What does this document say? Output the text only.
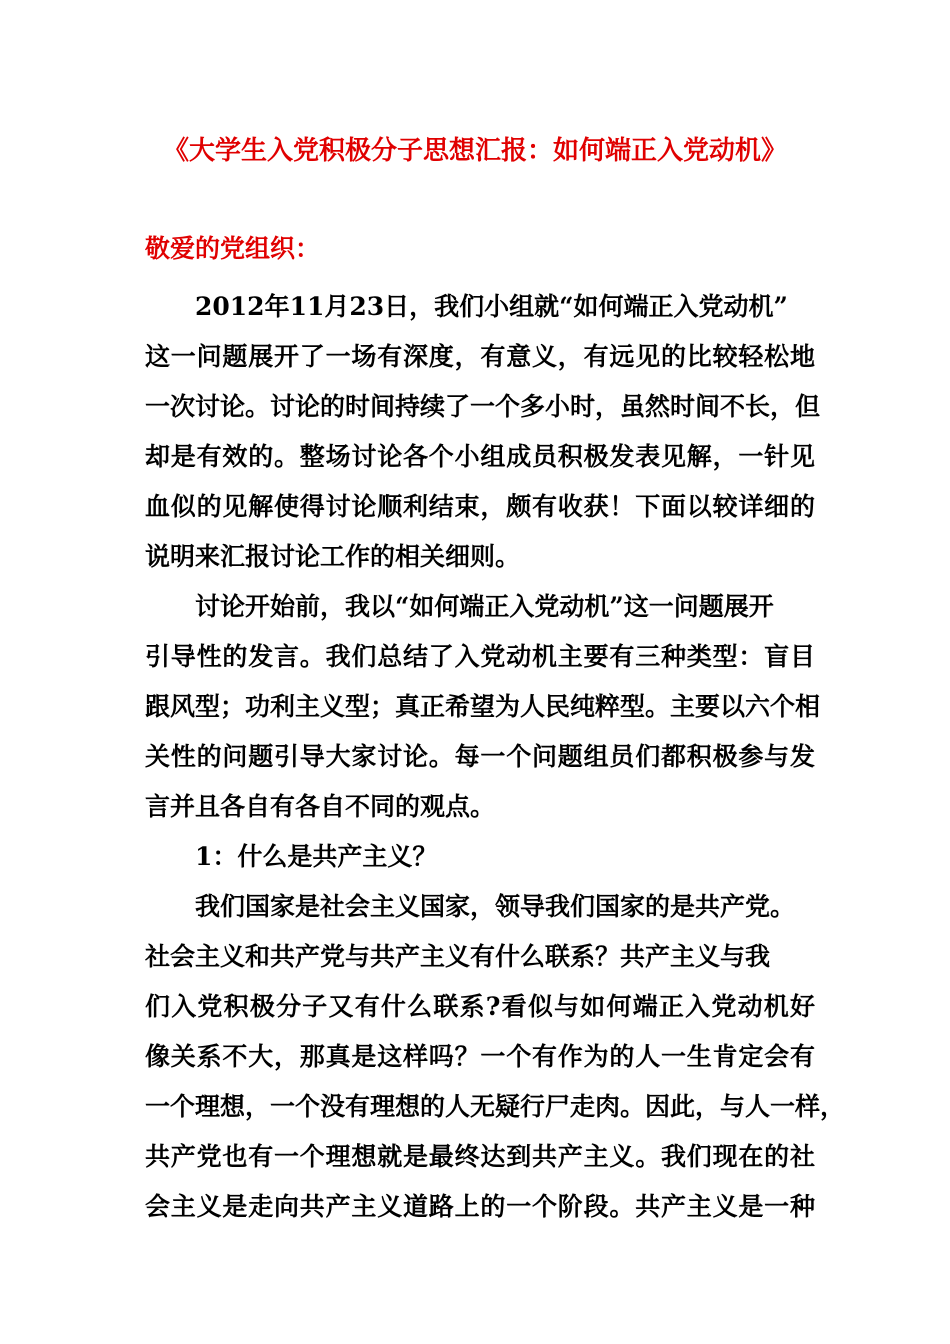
《大学生入党积极分子思想汇报：如何端正入党动机》
敬爱的党组织：
2012年11月23日，我们小组就“如何端正入党动机”
这一问题展开了一场有深度，有意义，有远见的比较轻松地
一次讨论。讨论的时间持续了一个多小时，虽然时间不长，但
却是有效的。整场讨论各个小组成员积极发表见解，一针见
血似的见解使得讨论顺利结束，颇有收获！下面以较详细的
说明来汇报讨论工作的相关细则。
讨论开始前，我以“如何端正入党动机”这一问题展开
引导性的发言。我们总结了入党动机主要有三种类型：盲目
跟风型；功利主义型；真正希望为人民纯粹型。主要以六个相
关性的问题引导大家讨论。每一个问题组员们都积极参与发
言并且各自有各自不同的观点。
1：什么是共产主义？
我们国家是社会主义国家，领导我们国家的是共产党。
社会主义和共产党与共产主义有什么联系？共产主义与我
们入党积极分子又有什么联系?看似与如何端正入党动机好
像关系不大，那真是这样吗？一个有作为的人一生肯定会有
一个理想，一个没有理想的人无疑行尸走肉。因此，与人一样，
共产党也有一个理想就是最终达到共产主义。我们现在的社
会主义是走向共产主义道路上的一个阶段。共产主义是一种
